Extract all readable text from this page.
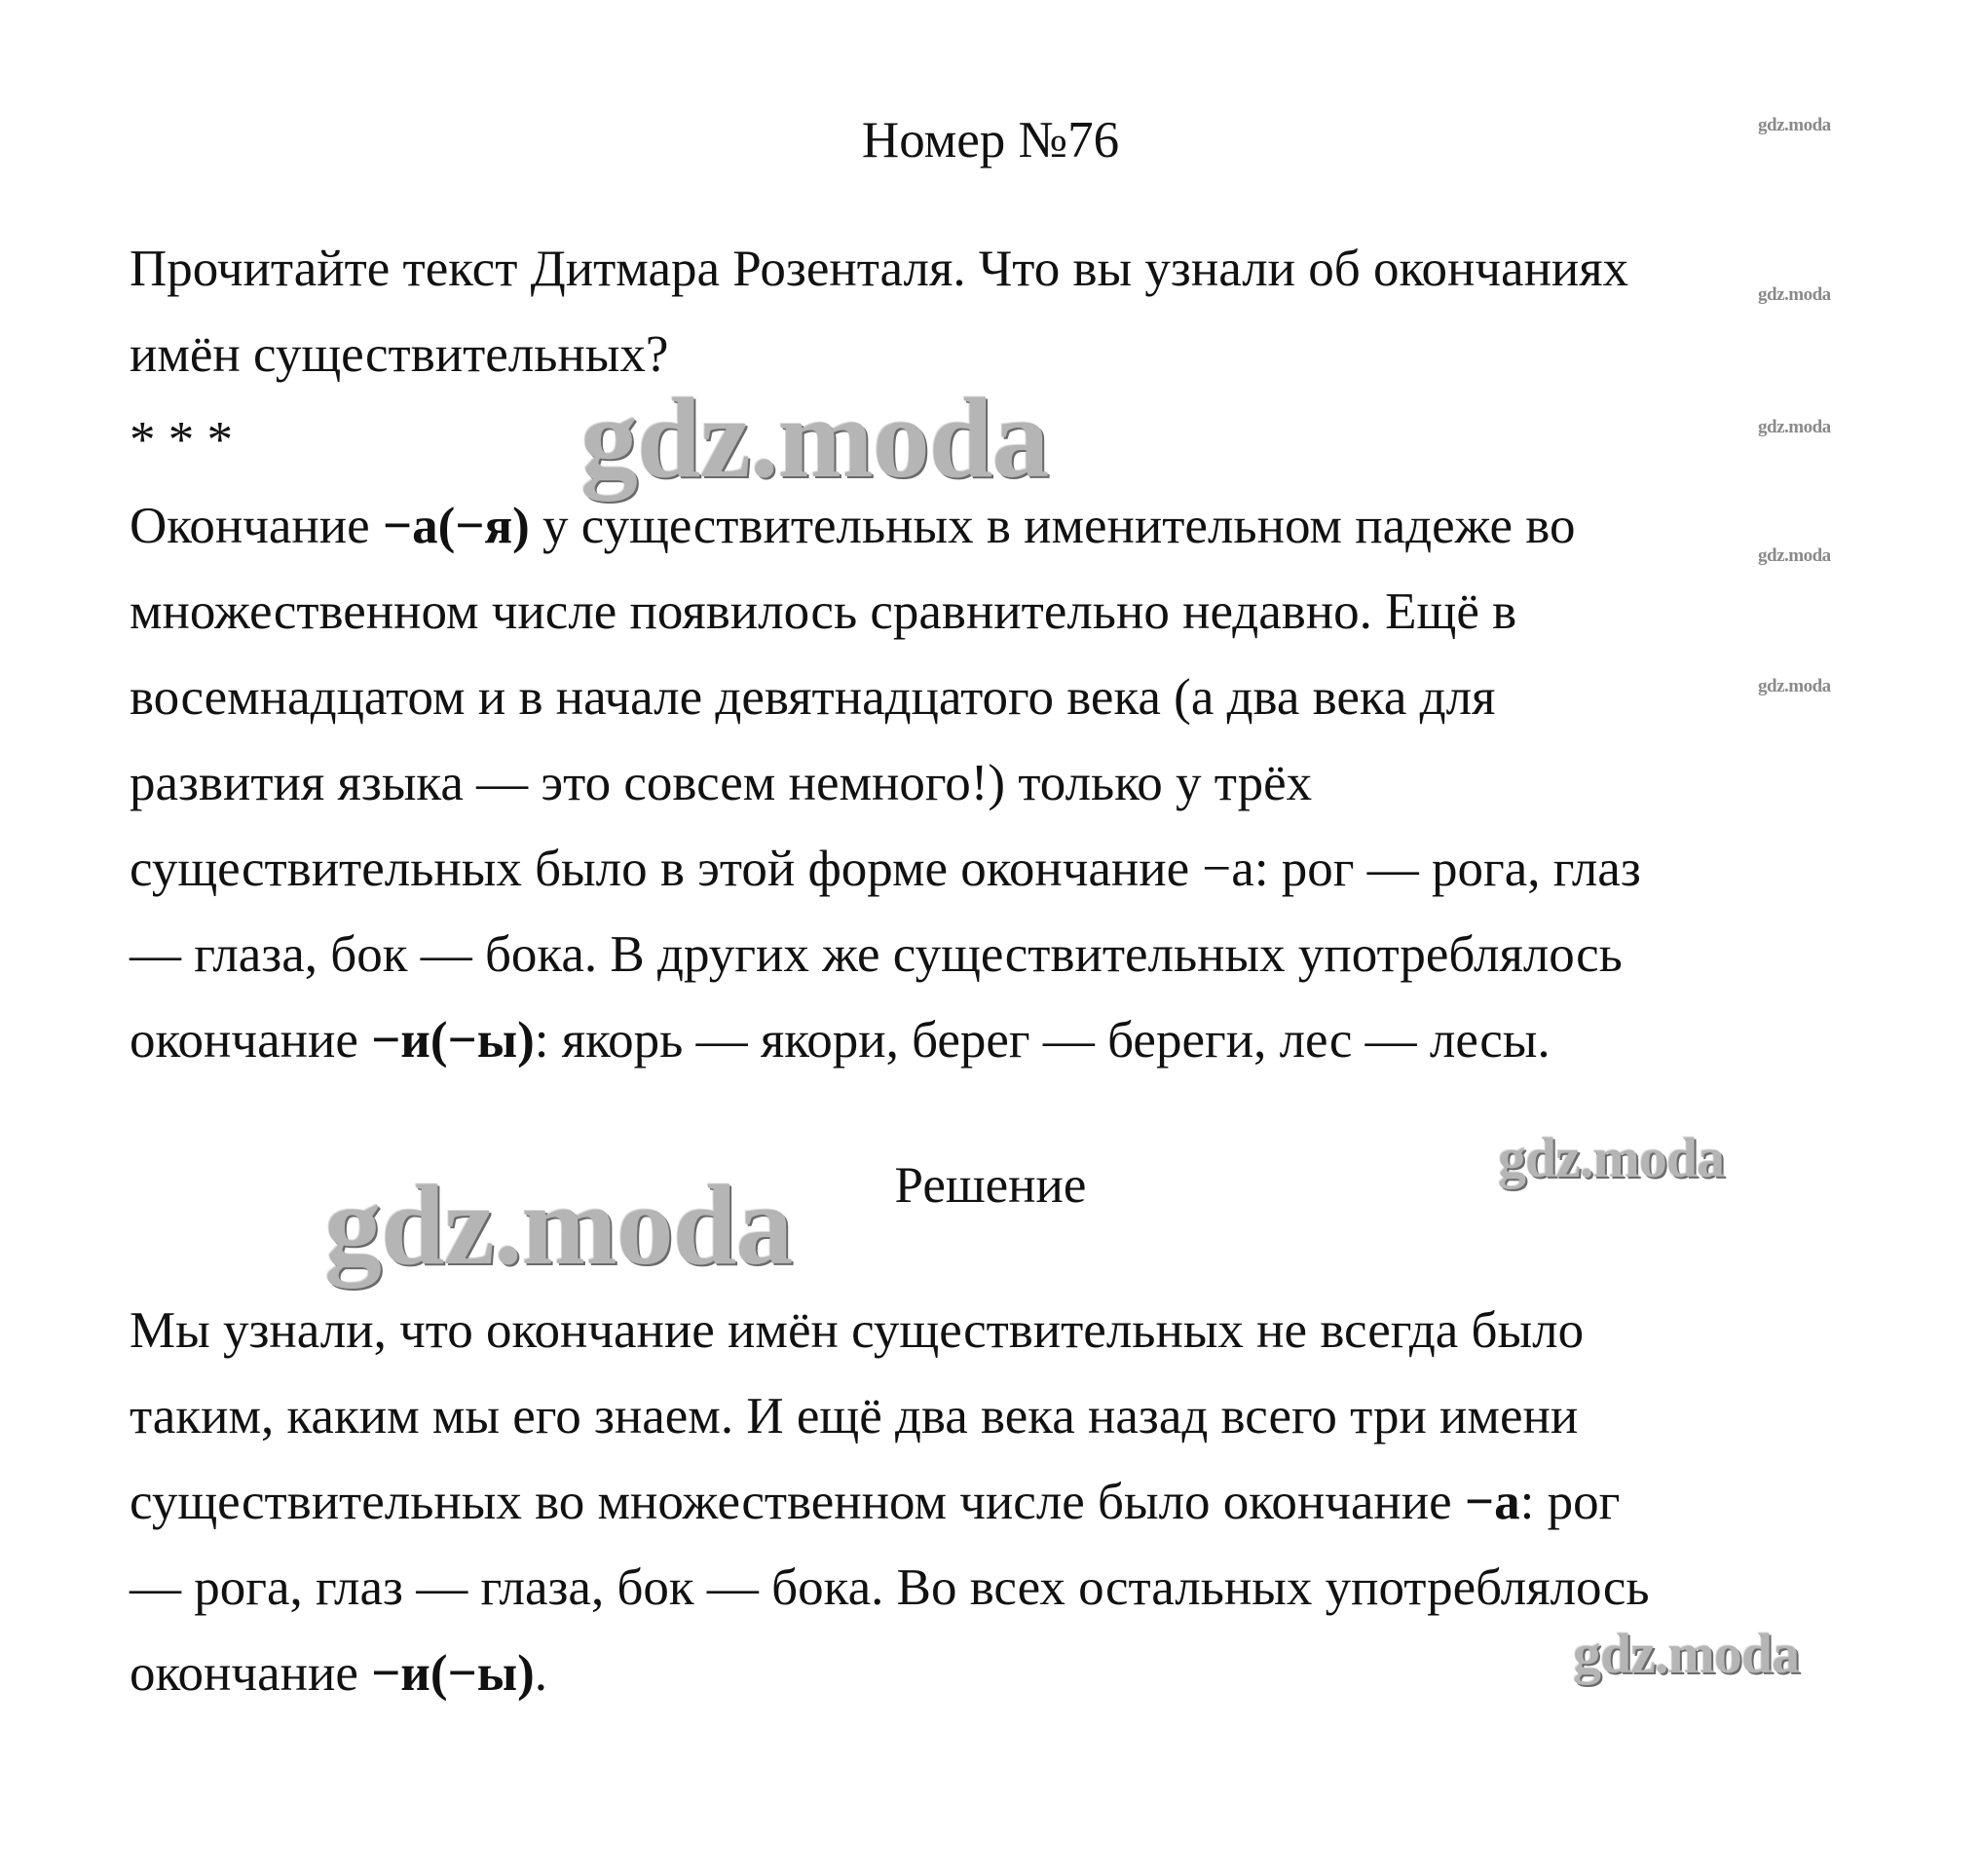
Номер №76
Прочитайте текст Дитмара Розенталя. Что вы узнали об окончаниях
имён существительных?
* * *
Окончание −а(−я) у существительных в именительном падеже во
множественном числе появилось сравнительно недавно. Ещё в
восемнадцатом и в начале девятнадцатого века (а два века для
развития языка — это совсем немного!) только у трёх
существительных было в этой форме окончание −а: рог — рога, глаз
— глаза, бок — бока. В других же существительных употреблялось
окончание −и(−ы): якорь — якори, берег — береги, лес — лесы.
Решение
Мы узнали, что окончание имён существительных не всегда было
таким, каким мы его знаем. И ещё два века назад всего три имени
существительных во множественном числе было окончание −а: рог
— рога, глаз — глаза, бок — бока. Во всех остальных употреблялось
окончание −и(−ы).
gdz.moda
gdz.moda
gdz.moda
gdz.moda
gdz.moda
gdz.moda
gdz.moda
gdz.moda
gdz.moda
